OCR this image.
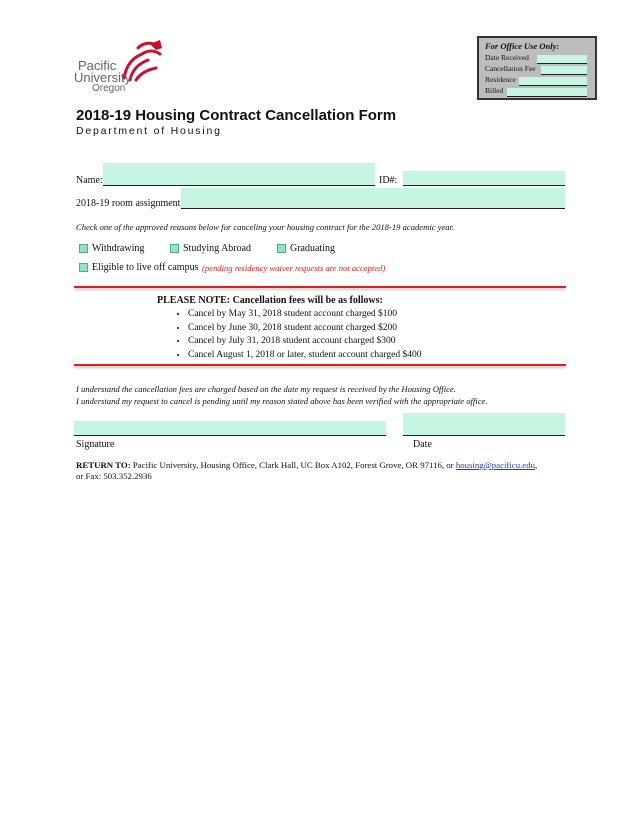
Pacific
University
Oregon
For Office Use Only:
Date Received
Cancellation Fee
Residence
Billed
2018-19 Housing Contract Cancellation Form
Department of Housing
Name:	ID#:
2018-19 room assignment
Check one of the approved reasons below for canceling your housing contract for the 2018-19 academic year.
Withdrawing	Studying Abroad	Graduating
Eligible to live off campus (pending residency waiver requests are not accepted)
PLEASE NOTE: Cancellation fees will be as follows:
• Cancel by May 31, 2018 student account charged $100
• Cancel by June 30, 2018 student account charged $200
• Cancel by July 31, 2018 student account charged $300
• Cancel August 1, 2018 or later, student account charged $400
I understand the cancellation fees are charged based on the date my request is received by the Housing Office.
I understand my request to cancel is pending until my reason stated above has been verified with the appropriate office.
Signature	Date
RETURN TO: Pacific University, Housing Office, Clark Hall, UC Box A102, Forest Grove, OR 97116, or housing@pacificu.edu,
or Fax: 503.352.2936
